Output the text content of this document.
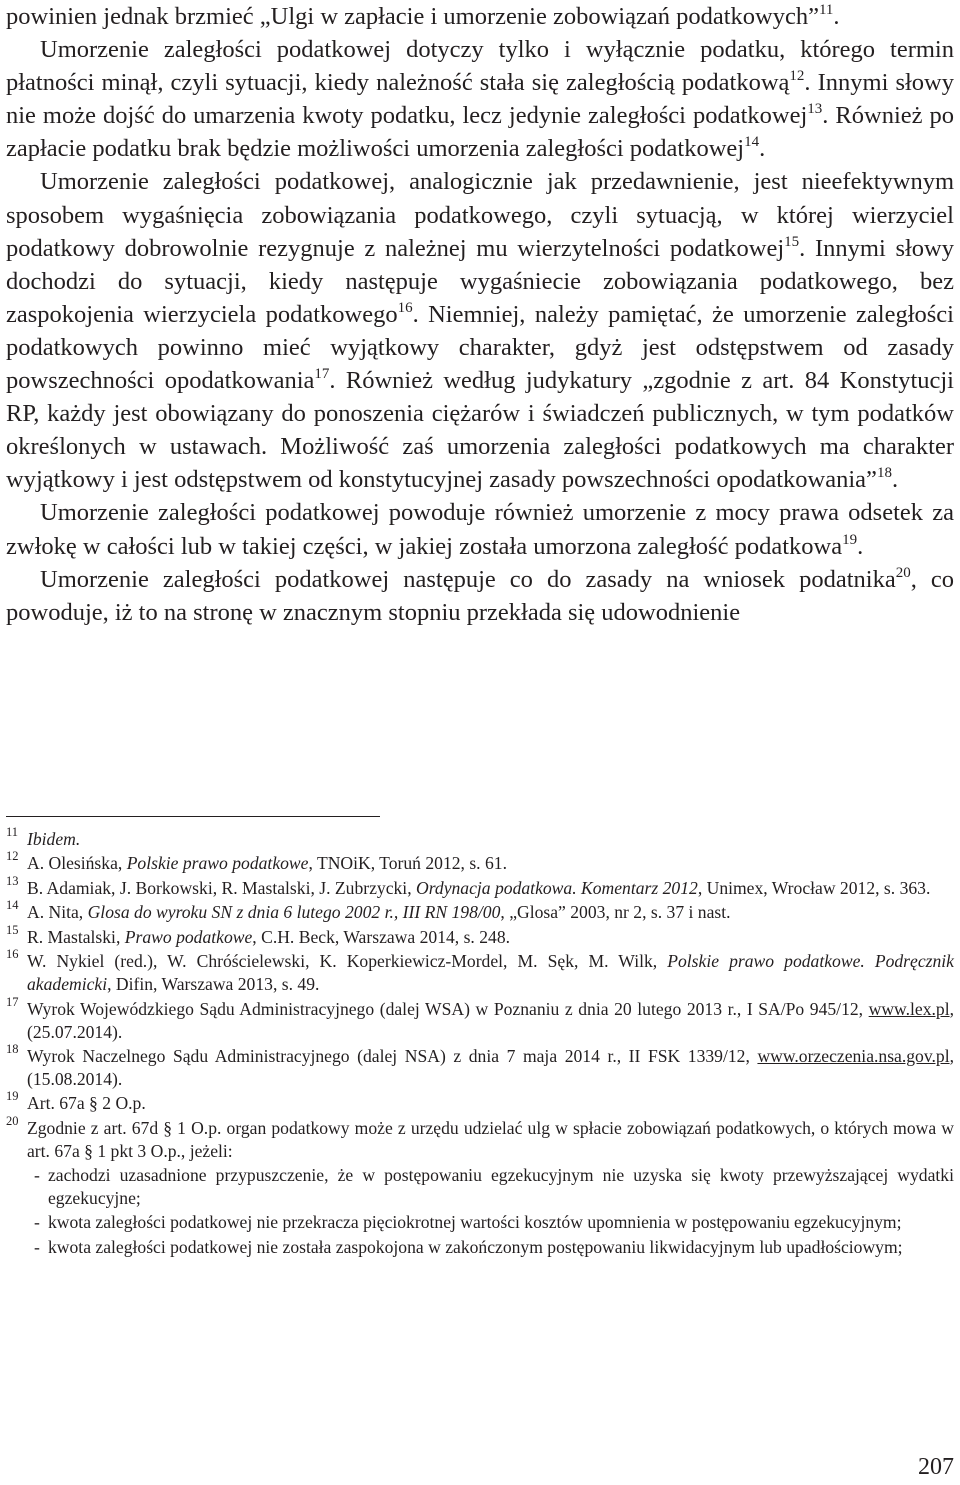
powinien jednak brzmieć „Ulgi w zapłacie i umorzenie zobowiązań podatkowych”$^{11}$.

Umorzenie zaległości podatkowej dotyczy tylko i wyłącznie podatku, którego termin płatności minął, czyli sytuacji, kiedy należność stała się zaległością podatkową$^{12}$. Innymi słowy nie może dojść do umarzenia kwoty podatku, lecz jedynie zaległości podatkowej$^{13}$. Również po zapłacie podatku brak będzie możliwości umorzenia zaległości podatkowej$^{14}$.

Umorzenie zaległości podatkowej, analogicznie jak przedawnienie, jest nieefektywnym sposobem wygaśnięcia zobowiązania podatkowego, czyli sytuacją, w której wierzyciel podatkowy dobrowolnie rezygnuje z należnej mu wierzytelności podatkowej$^{15}$. Innymi słowy dochodzi do sytuacji, kiedy następuje wygaśniecie zobowiązania podatkowego, bez zaspokojenia wierzyciela podatkowego$^{16}$. Niemniej, należy pamiętać, że umorzenie zaległości podatkowych powinno mieć wyjątkowy charakter, gdyż jest odstępstwem od zasady powszechności opodatkowania$^{17}$. Również według judykatury „zgodnie z art. 84 Konstytucji RP, każdy jest obowiązany do ponoszenia ciężarów i świadczeń publicznych, w tym podatków określonych w ustawach. Możliwość zaś umorzenia zaległości podatkowych ma charakter wyjątkowy i jest odstępstwem od konstytucyjnej zasady powszechności opodatkowania”$^{18}$.

Umorzenie zaległości podatkowej powoduje również umorzenie z mocy prawa odsetek za zwłokę w całości lub w takiej części, w jakiej została umorzona zaległość podatkowa$^{19}$.

Umorzenie zaległości podatkowej następuje co do zasady na wniosek podatnika$^{20}$, co powoduje, iż to na stronę w znacznym stopniu przekłada się udowodnienie

11 Ibidem.
12 A. Olesińska, Polskie prawo podatkowe, TNOiK, Toruń 2012, s. 61.
13 B. Adamiak, J. Borkowski, R. Mastalski, J. Zubrzycki, Ordynacja podatkowa. Komentarz 2012, Unimex, Wrocław 2012, s. 363.
14 A. Nita, Glosa do wyroku SN z dnia 6 lutego 2002 r., III RN 198/00, „Glosa” 2003, nr 2, s. 37 i nast.
15 R. Mastalski, Prawo podatkowe, C.H. Beck, Warszawa 2014, s. 248.
16 W. Nykiel (red.), W. Chróścielewski, K. Koperkiewicz-Mordel, M. Sęk, M. Wilk, Polskie prawo podatkowe. Podręcznik akademicki, Difin, Warszawa 2013, s. 49.
17 Wyrok Wojewódzkiego Sądu Administracyjnego (dalej WSA) w Poznaniu z dnia 20 lutego 2013 r., I SA/Po 945/12, www.lex.pl, (25.07.2014).
18 Wyrok Naczelnego Sądu Administracyjnego (dalej NSA) z dnia 7 maja 2014 r., II FSK 1339/12, www.orzeczenia.nsa.gov.pl, (15.08.2014).
19 Art. 67a § 2 O.p.
20 Zgodnie z art. 67d § 1 O.p. organ podatkowy może z urzędu udzielać ulg w spłacie zobowiązań podatkowych, o których mowa w art. 67a § 1 pkt 3 O.p., jeżeli:
- zachodzi uzasadnione przypuszczenie, że w postępowaniu egzekucyjnym nie uzyska się kwoty przewyższającej wydatki egzekucyjne;
- kwota zaległości podatkowej nie przekracza pięciokrotnej wartości kosztów upomnienia w postępowaniu egzekucyjnym;
- kwota zaległości podatkowej nie została zaspokojona w zakończonym postępowaniu likwidacyjnym lub upadłościowym;
207
